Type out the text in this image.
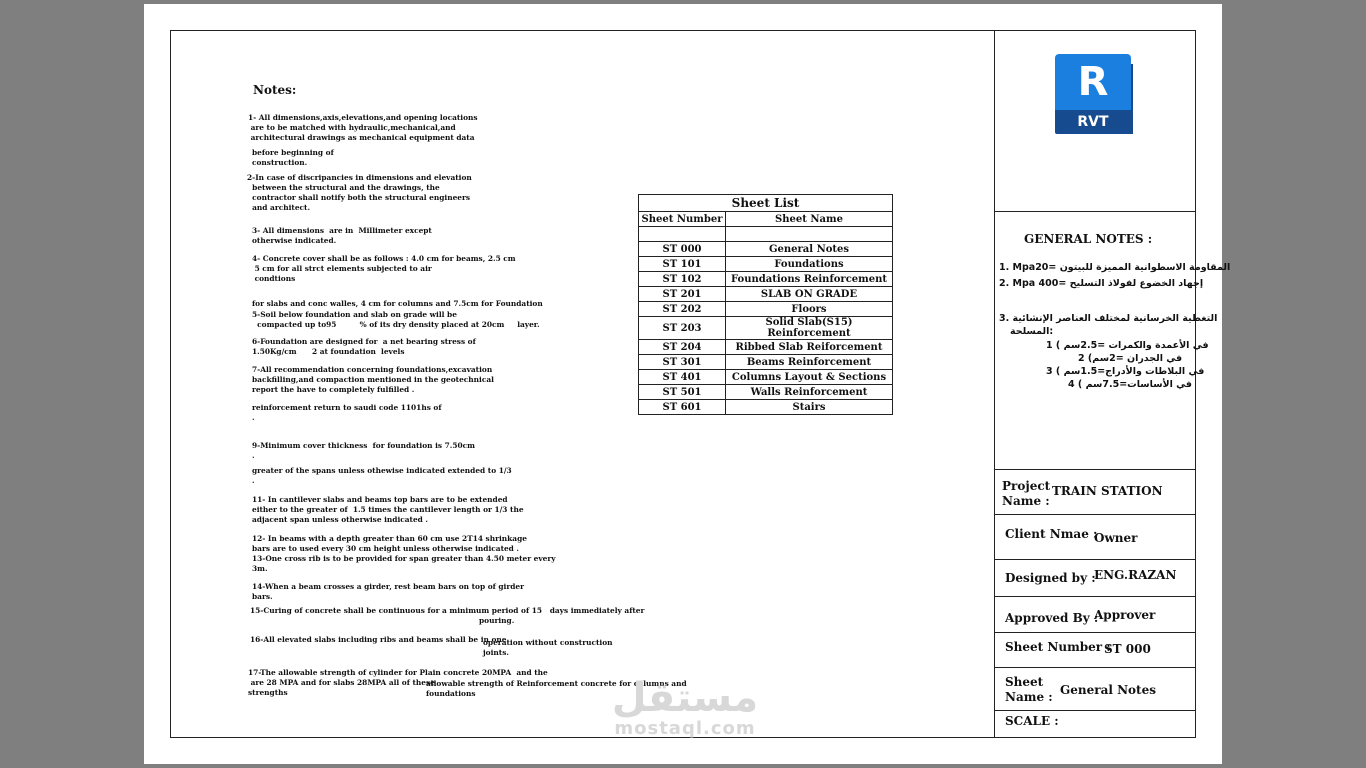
Notes:
1- All dimensions,axis,elevations,and opening locations
are to be matched with hydraulic,mechanical,and
architectural drawings as mechanical equipment data
before beginning of
construction.
2-In case of discripancies in dimensions and elevation
between the structural and the drawings, the
contractor shall notify both the structural engineers
and architect.
3- All dimensions  are in  Millimeter except
otherwise indicated.
4- Concrete cover shall be as follows : 4.0 cm for beams, 2.5 cm
5 cm for all strct elements subjected to air
condtions
for slabs and conc walles, 4 cm for columns and 7.5cm for Foundation
5-Soil below foundation and slab on grade will be
compacted up to95         % of its dry density placed at 20cm     layer.
6-Foundation are designed for  a net bearing stress of
1.50Kg/cm      2 at foundation  levels
7-All recommendation concerning foundations,excavation
backfilling,and compaction mentioned in the geotechnical
report the have to completely fulfilled .
reinforcement return to saudi code 1101hs of
.
9-Minimum cover thickness  for foundation is 7.50cm
.
greater of the spans unless othewise indicated extended to 1/3
.
11- In cantilever slabs and beams top bars are to be extended
either to the greater of  1.5 times the cantilever length or 1/3 the
adjacent span unless otherwise indicated .
12- In beams with a depth greater than 60 cm use 2T14 shrinkage
bars are to used every 30 cm height unless otherwise indicated .
13-One cross rib is to be provided for span greater than 4.50 meter every
3m.
14-When a beam crosses a girder, rest beam bars on top of girder
bars.
15-Curing of concrete shall be continuous for a minimum period of 15   days immediately after
pouring.
16-All elevated slabs including ribs and beams shall be in one
operation without construction
joints.
17-The allowable strength of cylinder for Plain concrete 20MPA  and the
are 28 MPA and for slabs 28MPA all of these
strengths
allowable strength of Reinforcement concrete for columns and
foundations
Sheet List	
Sheet Number	Sheet Name

ST 000	General Notes
ST 101	Foundations
ST 102	Foundations Reinforcement
ST 201	SLAB ON GRADE
ST 202	Floors
ST 203	Solid Slab(S15) Reinforcement
ST 204	Ribbed Slab Reiforcement
ST 301	Beams Reinforcement
ST 401	Columns Layout & Sections
ST 501	Walls Reinforcement
ST 601	Stairs
R
RVT
GENERAL NOTES :
1. Mpa20= المقاومة الاسطوانية المميزة للبيتون
2. Mpa 400= إجهاد الخضوع لفولاذ التسليح
3. التغطية الخرسانية لمختلف العناصر الإنشائية
المسلحة:
1 ( في الأعمدة والكمرات =2.5سم
2 (في الجدران =2سم
3 ( في البلاطات والأدراج=1.5سم
4 ( في الأساسات=7.5سم
Project
Name :
TRAIN STATION
Client Nmae :
Owner
Designed by :
ENG.RAZAN
Approved By :
Approver
Sheet Number :
ST 000
Sheet
Name : General Notes
SCALE :
مستقل
mostaql.com
